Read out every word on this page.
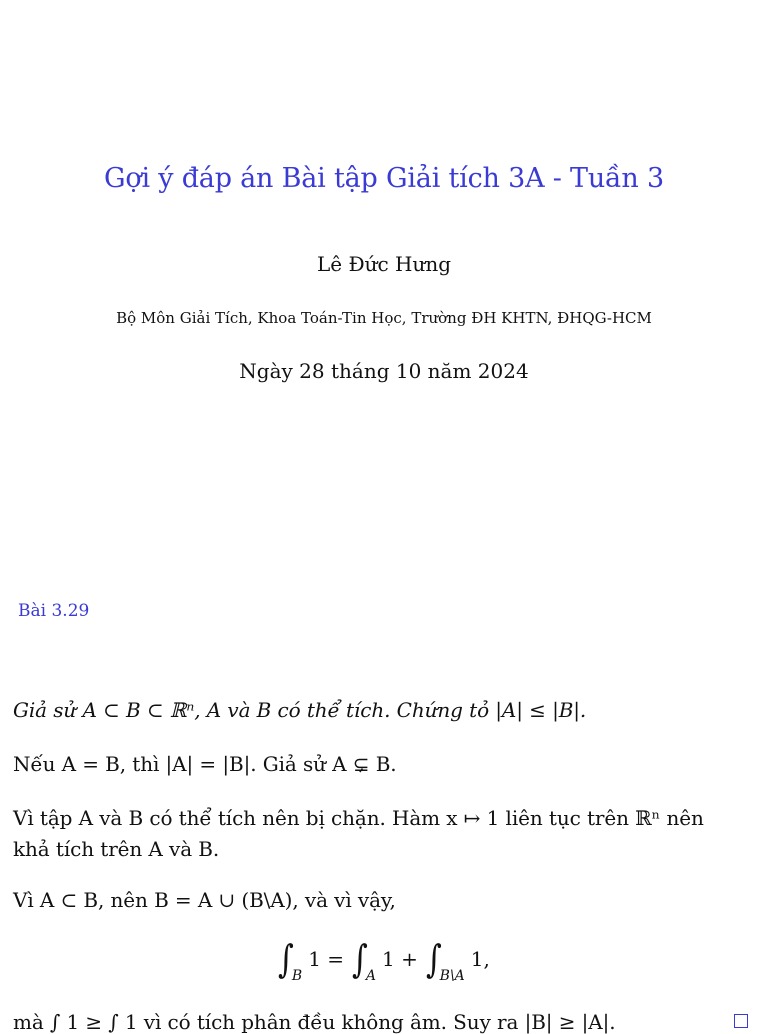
Gợi ý đáp án Bài tập Giải tích 3A - Tuần 3
Lê Đức Hưng
Bộ Môn Giải Tích, Khoa Toán-Tin Học, Trường ĐH KHTN, ĐHQG-HCM
Ngày 28 tháng 10 năm 2024
Bài 3.29
Giả sử A ⊂ B ⊂ ℝⁿ, A và B có thể tích. Chứng tỏ |A| ≤ |B|.
Nếu A = B, thì |A| = |B|. Giả sử A ⊊ B.
Vì tập A và B có thể tích nên bị chặn. Hàm x ↦ 1 liên tục trên ℝⁿ nên
khả tích trên A và B.
Vì A ⊂ B, nên B = A ∪ (B\A), và vì vậy,
∫
B
1 = ∫
A
1 + ∫
B\A
1,
mà ∫ 1 ≥ ∫ 1 vì có tích phân đều không âm. Suy ra |B| ≥ |A|.
